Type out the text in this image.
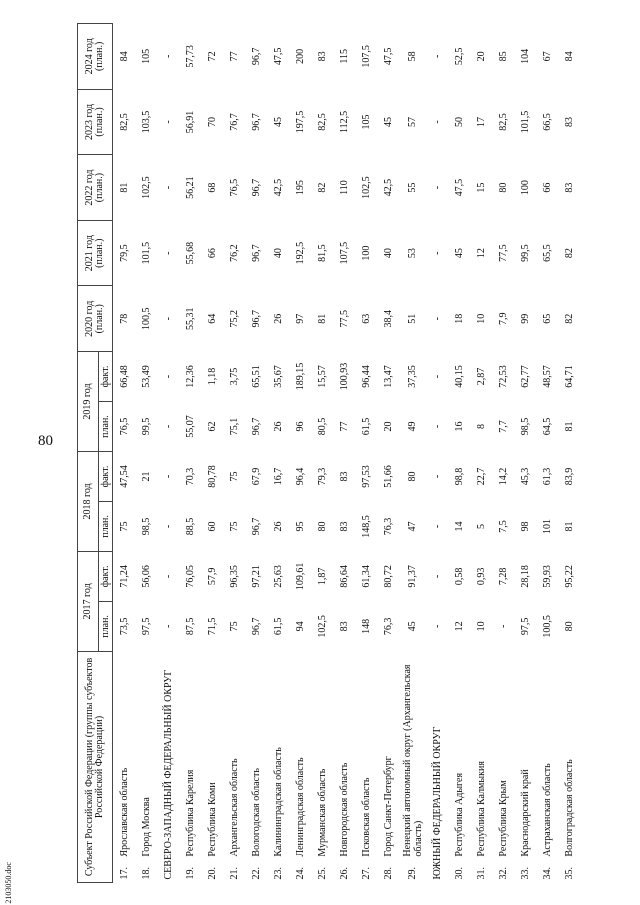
80
2103050.doc
Субъект Российской Федерации (группы субъектов Российской Федерации)		2017 год		2018 год		2019 год		2020 год (план.)	2021 год (план.)	2022 год (план.)	2023 год (план.)	2024 год (план.)
		план.	факт.	план.	факт.	план.	факт.					
17.	Ярославская область	73,5	71,24	75	47,54	76,5	66,48	78	79,5	81	82,5	84
18.	Город Москва	97,5	56,06	98,5	21	99,5	53,49	100,5	101,5	102,5	103,5	105
СЕВЕРО-ЗАПАДНЫЙ ФЕДЕРАЛЬНЫЙ ОКРУГ		-	-	-	-	-	-	-	-	-	-	-
19.	Республика Карелия	87,5	76,05	88,5	70,3	55,07	12,36	55,31	55,68	56,21	56,91	57,73
20.	Республика Коми	71,5	57,9	60	80,78	62	1,18	64	66	68	70	72
21.	Архангельская область	75	96,35	75	75	75,1	3,75	75,2	76,2	76,5	76,7	77
22.	Вологодская область	96,7	97,21	96,7	67,9	96,7	65,51	96,7	96,7	96,7	96,7	96,7
23.	Калининградская область	61,5	25,63	26	16,7	26	35,67	26	40	42,5	45	47,5
24.	Ленинградская область	94	109,61	95	96,4	96	189,15	97	192,5	195	197,5	200
25.	Мурманская область	102,5	1,87	80	79,3	80,5	15,57	81	81,5	82	82,5	83
26.	Новгородская область	83	86,64	83	83	77	100,93	77,5	107,5	110	112,5	115
27.	Псковская область	148	61,34	148,5	97,53	61,5	96,44	63	100	102,5	105	107,5
28.	Город Санкт-Петербург	76,3	80,72	76,3	51,66	20	13,47	38,4	40	42,5	45	47,5
29.	Ненецкий автономный округ (Архангельская область)	45	91,37	47	80	49	37,35	51	53	55	57	58
ЮЖНЫЙ ФЕДЕРАЛЬНЫЙ ОКРУГ		-	-	-	-	-	-	-	-	-	-	-
30.	Республика Адыгея	12	0,58	14	98,8	16	40,15	18	45	47,5	50	52,5
31.	Республика Калмыкия	10	0,93	5	22,7	8	2,87	10	12	15	17	20
32.	Республика Крым	-	7,28	7,5	14,2	7,7	72,53	7,9	77,5	80	82,5	85
33.	Краснодарский край	97,5	28,18	98	45,3	98,5	62,77	99	99,5	100	101,5	104
34.	Астраханская область	100,5	59,93	101	61,3	64,5	48,57	65	65,5	66	66,5	67
35.	Волгоградская область	80	95,22	81	83,9	81	64,71	82	82	83	83	84
